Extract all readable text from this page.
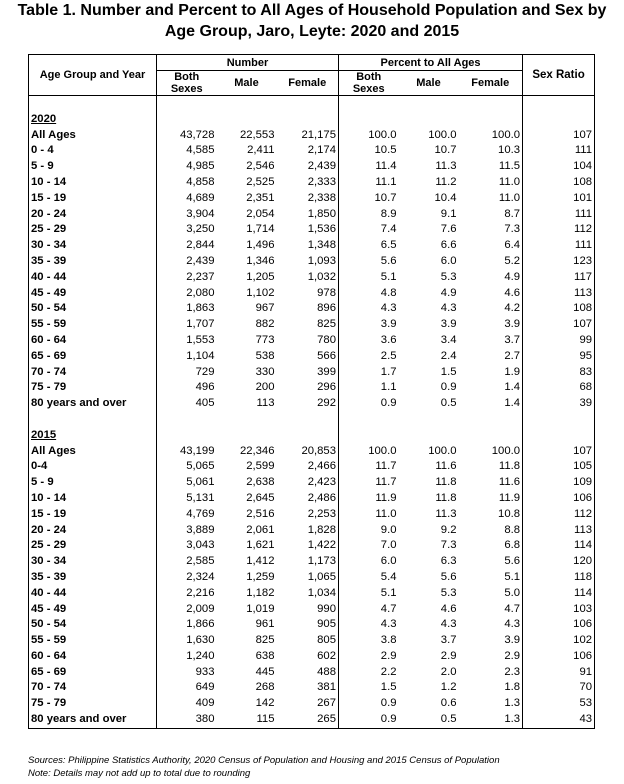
Table 1. Number and Percent to All Ages of Household Population and Sex by
Age Group, Jaro, Leyte: 2020 and 2015
Age Group and Year	Number			Percent to All Ages			Sex Ratio
	Both Sexes	Male	Female	Both Sexes	Male	Female	

2020							
All Ages	43,728	22,553	21,175	100.0	100.0	100.0	107
0 - 4	4,585	2,411	2,174	10.5	10.7	10.3	111
5 - 9	4,985	2,546	2,439	11.4	11.3	11.5	104
10 - 14	4,858	2,525	2,333	11.1	11.2	11.0	108
15 - 19	4,689	2,351	2,338	10.7	10.4	11.0	101
20 - 24	3,904	2,054	1,850	8.9	9.1	8.7	111
25 - 29	3,250	1,714	1,536	7.4	7.6	7.3	112
30 - 34	2,844	1,496	1,348	6.5	6.6	6.4	111
35 - 39	2,439	1,346	1,093	5.6	6.0	5.2	123
40 - 44	2,237	1,205	1,032	5.1	5.3	4.9	117
45 - 49	2,080	1,102	978	4.8	4.9	4.6	113
50 - 54	1,863	967	896	4.3	4.3	4.2	108
55 - 59	1,707	882	825	3.9	3.9	3.9	107
60 - 64	1,553	773	780	3.6	3.4	3.7	99
65 - 69	1,104	538	566	2.5	2.4	2.7	95
70 - 74	729	330	399	1.7	1.5	1.9	83
75 - 79	496	200	296	1.1	0.9	1.4	68
80 years and over	405	113	292	0.9	0.5	1.4	39

2015							
All Ages	43,199	22,346	20,853	100.0	100.0	100.0	107
0-4	5,065	2,599	2,466	11.7	11.6	11.8	105
5 - 9	5,061	2,638	2,423	11.7	11.8	11.6	109
10 - 14	5,131	2,645	2,486	11.9	11.8	11.9	106
15 - 19	4,769	2,516	2,253	11.0	11.3	10.8	112
20 - 24	3,889	2,061	1,828	9.0	9.2	8.8	113
25 - 29	3,043	1,621	1,422	7.0	7.3	6.8	114
30 - 34	2,585	1,412	1,173	6.0	6.3	5.6	120
35 - 39	2,324	1,259	1,065	5.4	5.6	5.1	118
40 - 44	2,216	1,182	1,034	5.1	5.3	5.0	114
45 - 49	2,009	1,019	990	4.7	4.6	4.7	103
50 - 54	1,866	961	905	4.3	4.3	4.3	106
55 - 59	1,630	825	805	3.8	3.7	3.9	102
60 - 64	1,240	638	602	2.9	2.9	2.9	106
65 - 69	933	445	488	2.2	2.0	2.3	91
70 - 74	649	268	381	1.5	1.2	1.8	70
75 - 79	409	142	267	0.9	0.6	1.3	53
80 years and over	380	115	265	0.9	0.5	1.3	43
Sources: Philippine Statistics Authority, 2020 Census of Population and Housing and 2015 Census of Population
Note: Details may not add up to total due to rounding
